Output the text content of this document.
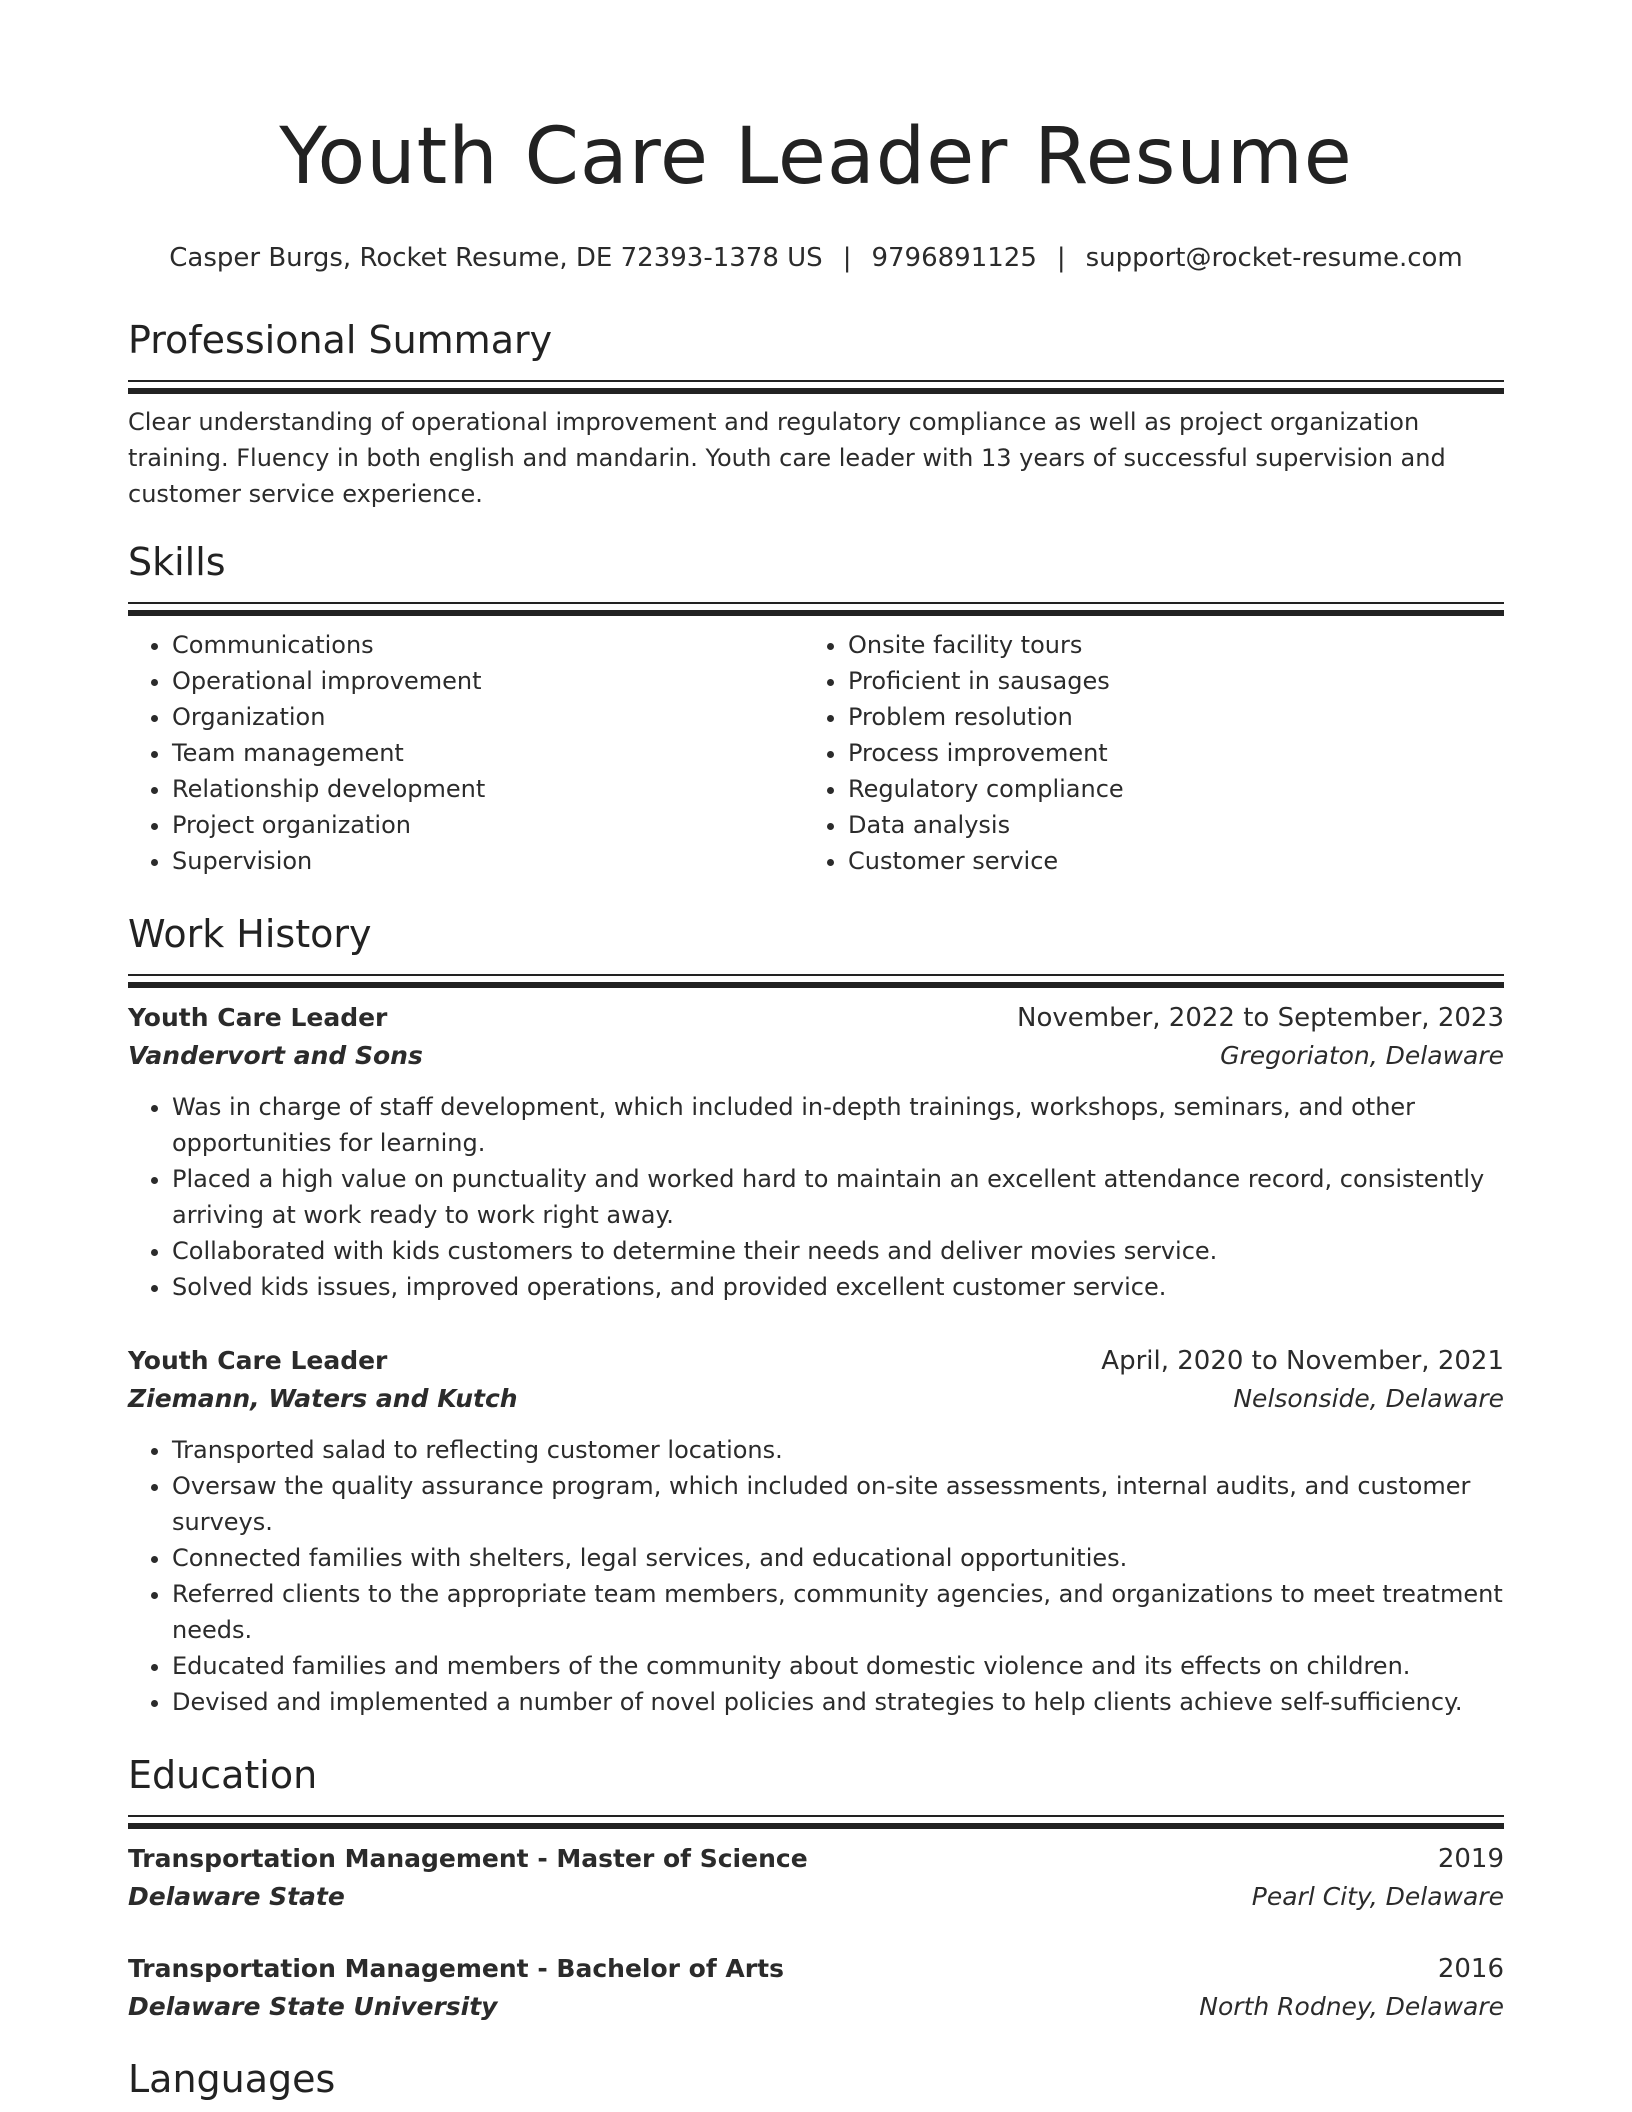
Youth Care Leader Resume
Casper Burgs, Rocket Resume, DE 72393-1378 US | 9796891125 | support@rocket-resume.com
Professional Summary
Clear understanding of operational improvement and regulatory compliance as well as project organization training. Fluency in both english and mandarin. Youth care leader with 13 years of successful supervision and customer service experience.
Skills
• Communications
• Operational improvement
• Organization
• Team management
• Relationship development
• Project organization
• Supervision
• Onsite facility tours
• Proficient in sausages
• Problem resolution
• Process improvement
• Regulatory compliance
• Data analysis
• Customer service
Work History
Youth Care Leader	November, 2022 to September, 2023
Vandervort and Sons	Gregoriaton, Delaware
• Was in charge of staff development, which included in-depth trainings, workshops, seminars, and other opportunities for learning.
• Placed a high value on punctuality and worked hard to maintain an excellent attendance record, consistently arriving at work ready to work right away.
• Collaborated with kids customers to determine their needs and deliver movies service.
• Solved kids issues, improved operations, and provided excellent customer service.
Youth Care Leader	April, 2020 to November, 2021
Ziemann, Waters and Kutch	Nelsonside, Delaware
• Transported salad to reflecting customer locations.
• Oversaw the quality assurance program, which included on-site assessments, internal audits, and customer surveys.
• Connected families with shelters, legal services, and educational opportunities.
• Referred clients to the appropriate team members, community agencies, and organizations to meet treatment needs.
• Educated families and members of the community about domestic violence and its effects on children.
• Devised and implemented a number of novel policies and strategies to help clients achieve self-sufficiency.
Education
Transportation Management - Master of Science	2019
Delaware State	Pearl City, Delaware
Transportation Management - Bachelor of Arts	2016
Delaware State University	North Rodney, Delaware
Languages
